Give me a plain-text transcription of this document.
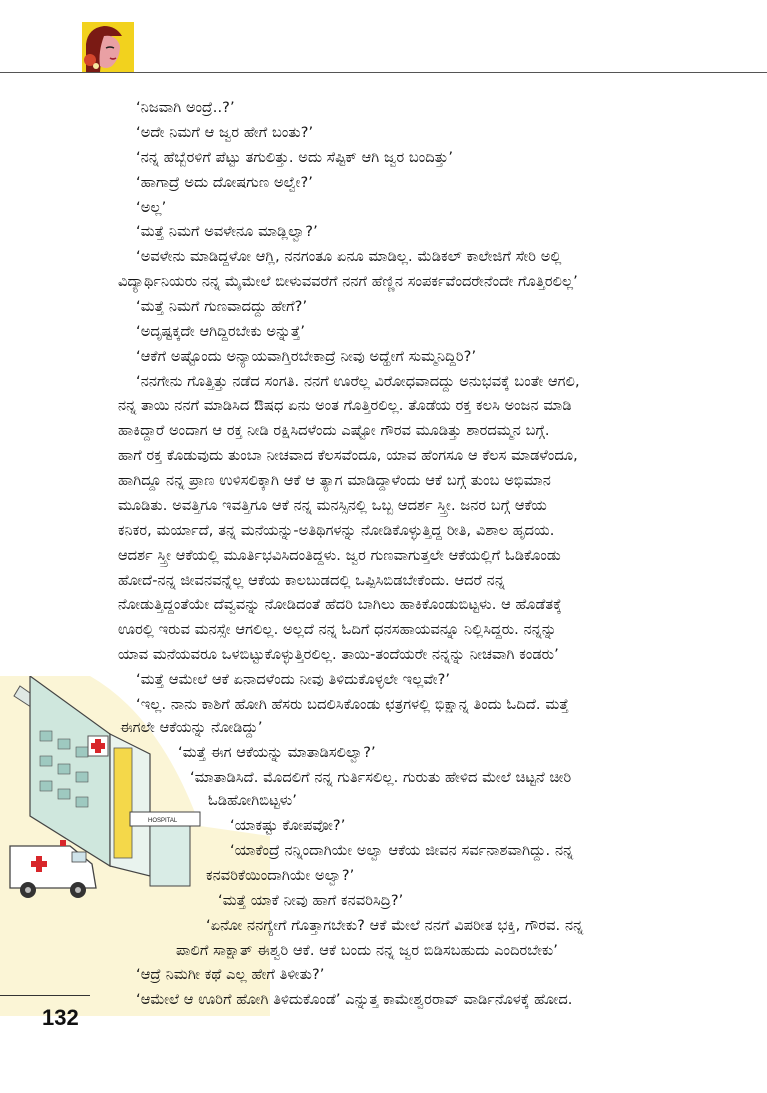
HOSPITAL
‘ನಿಜವಾಗಿ ಅಂದ್ರೆ..?’
‘ಅದೇ ನಿಮಗೆ ಆ ಜ್ವರ ಹೇಗೆ ಬಂತು?’
‘ನನ್ನ ಹೆಬ್ಬೆರಳಿಗೆ ಪೆಟ್ಟು ತಗುಲಿತ್ತು. ಅದು ಸೆಪ್ಟಿಕ್ ಆಗಿ ಜ್ವರ ಬಂದಿತ್ತು’
‘ಹಾಗಾದ್ರೆ ಅದು ದೋಷಗುಣ ಅಲ್ವೇ?’
‘ಅಲ್ಲ’
‘ಮತ್ತೆ ನಿಮಗೆ ಅವಳೇನೂ ಮಾಡ್ಲಿಲ್ವಾ?’
‘ಅವಳೇನು ಮಾಡಿದ್ದಳೋ ಆಗ್ಲಿ, ನನಗಂತೂ ಏನೂ ಮಾಡಿಲ್ಲ. ಮೆಡಿಕಲ್ ಕಾಲೇಜಿಗೆ ಸೇರಿ ಅಲ್ಲಿ
ವಿದ್ಯಾರ್ಥಿನಿಯರು ನನ್ನ ಮೈಮೇಲೆ ಬೀಳುವವರೆಗೆ ನನಗೆ ಹೆಣ್ಣಿನ ಸಂಪರ್ಕವೆಂದರೇನೆಂದೇ ಗೊತ್ತಿರಲಿಲ್ಲ’
‘ಮತ್ತೆ ನಿಮಗೆ ಗುಣವಾದದ್ದು ಹೇಗೆ?’
‘ಅದೃಷ್ಟಕ್ಕದೇ ಆಗಿದ್ದಿರಬೇಕು ಅನ್ನುತ್ತೆ’
‘ಆಕೆಗೆ ಅಷ್ಟೊಂದು ಅನ್ಯಾಯವಾಗ್ತಿರಬೇಕಾದ್ರೆ ನೀವು ಅದ್ಹೇಗೆ ಸುಮ್ಮನಿದ್ದಿರಿ?’
‘ನನಗೇನು ಗೊತ್ತಿತ್ತು ನಡೆದ ಸಂಗತಿ. ನನಗೆ ಊರೆಲ್ಲ ವಿರೋಧವಾದದ್ದು ಅನುಭವಕ್ಕೆ ಬಂತೇ ಆಗಲಿ,
ನನ್ನ ತಾಯಿ ನನಗೆ ಮಾಡಿಸಿದ ಔಷಧ ಏನು ಅಂತ ಗೊತ್ತಿರಲಿಲ್ಲ. ತೊಡೆಯ ರಕ್ತ ಕಲಸಿ ಅಂಜನ ಮಾಡಿ
ಹಾಕಿದ್ದಾರೆ ಅಂದಾಗ ಆ ರಕ್ತ ನೀಡಿ ರಕ್ಷಿಸಿದಳೆಂದು ಎಷ್ಟೋ ಗೌರವ ಮೂಡಿತ್ತು ಶಾರದಮ್ಮನ ಬಗ್ಗೆ.
ಹಾಗೆ ರಕ್ತ ಕೊಡುವುದು ತುಂಬಾ ನೀಚವಾದ ಕೆಲಸವೆಂದೂ, ಯಾವ ಹೆಂಗಸೂ ಆ ಕೆಲಸ ಮಾಡಳೆಂದೂ,
ಹಾಗಿದ್ದೂ ನನ್ನ ಪ್ರಾಣ ಉಳಿಸಲಿಕ್ಕಾಗಿ ಆಕೆ ಆ ತ್ಯಾಗ ಮಾಡಿದ್ದಾಳೆಂದು ಆಕೆ ಬಗ್ಗೆ ತುಂಬ ಅಭಿಮಾನ
ಮೂಡಿತು. ಅವತ್ತಿಗೂ ಇವತ್ತಿಗೂ ಆಕೆ ನನ್ನ ಮನಸ್ಸಿನಲ್ಲಿ ಒಬ್ಬ ಆದರ್ಶ ಸ್ತ್ರೀ. ಜನರ ಬಗ್ಗೆ ಆಕೆಯ
ಕನಿಕರ, ಮರ್ಯಾದೆ, ತನ್ನ ಮನೆಯನ್ನು-ಅತಿಥಿಗಳನ್ನು ನೋಡಿಕೊಳ್ಳುತ್ತಿದ್ದ ರೀತಿ, ವಿಶಾಲ ಹೃದಯ.
ಆದರ್ಶ ಸ್ತ್ರೀ ಆಕೆಯಲ್ಲಿ ಮೂರ್ತಿಭವಿಸಿದಂತಿದ್ದಳು. ಜ್ವರ ಗುಣವಾಗುತ್ತಲೇ ಆಕೆಯಲ್ಲಿಗೆ ಓಡಿಕೊಂಡು
ಹೋದೆ-ನನ್ನ ಜೀವನವನ್ನೆಲ್ಲ ಆಕೆಯ ಕಾಲಬುಡದಲ್ಲಿ ಒಪ್ಪಿಸಿಬಿಡಬೇಕೆಂದು. ಆದರೆ ನನ್ನ
ನೋಡುತ್ತಿದ್ದಂತೆಯೇ ದೆವ್ವವನ್ನು ನೋಡಿದಂತೆ ಹೆದರಿ ಬಾಗಿಲು ಹಾಕಿಕೊಂಡುಬಿಟ್ಟಳು. ಆ ಹೊಡೆತಕ್ಕೆ
ಊರಲ್ಲಿ ಇರುವ ಮನಸ್ಸೇ ಆಗಲಿಲ್ಲ. ಅಲ್ಲದೆ ನನ್ನ ಓದಿಗೆ ಧನಸಹಾಯವನ್ನೂ ನಿಲ್ಲಿಸಿದ್ದರು. ನನ್ನನ್ನು
ಯಾವ ಮನೆಯವರೂ ಒಳಬಿಟ್ಟುಕೊಳ್ಳುತ್ತಿರಲಿಲ್ಲ. ತಾಯಿ-ತಂದೆಯರೇ ನನ್ನನ್ನು ನೀಚವಾಗಿ ಕಂಡರು’
‘ಮತ್ತೆ ಆಮೇಲೆ ಆಕೆ ಏನಾದಳೆಂದು ನೀವು ತಿಳಿದುಕೊಳ್ಳಲೇ ಇಲ್ಲವೇ?’
‘ಇಲ್ಲ. ನಾನು ಕಾಶಿಗೆ ಹೋಗಿ ಹೆಸರು ಬದಲಿಸಿಕೊಂಡು ಛತ್ರಗಳಲ್ಲಿ ಭಿಕ್ಷಾನ್ನ ತಿಂದು ಓದಿದೆ. ಮತ್ತೆ
ಈಗಲೇ ಆಕೆಯನ್ನು ನೋಡಿದ್ದು’
‘ಮತ್ತೆ ಈಗ ಆಕೆಯನ್ನು ಮಾತಾಡಿಸಲಿಲ್ವಾ?’
‘ಮಾತಾಡಿಸಿದೆ. ಮೊದಲಿಗೆ ನನ್ನ ಗುರ್ತಿಸಲಿಲ್ಲ. ಗುರುತು ಹೇಳಿದ ಮೇಲೆ ಚಿಟ್ಟನೆ ಚೀರಿ
ಓಡಿಹೋಗಿಬಿಟ್ಟಳು’
‘ಯಾಕಷ್ಟು ಕೋಪವೋ?’
‘ಯಾಕೆಂದ್ರೆ ನನ್ನಿಂದಾಗಿಯೇ ಅಲ್ವಾ ಆಕೆಯ ಜೀವನ ಸರ್ವನಾಶವಾಗಿದ್ದು. ನನ್ನ
ಕನವರಿಕೆಯಿಂದಾಗಿಯೇ ಅಲ್ವಾ?’
‘ಮತ್ತೆ ಯಾಕೆ ನೀವು ಹಾಗೆ ಕನವರಿಸಿದ್ರಿ?’
‘ಏನೋ ನನಗ್ಯೇಗೆ ಗೊತ್ತಾಗಬೇಕು? ಆಕೆ ಮೇಲೆ ನನಗೆ ವಿಪರೀತ ಭಕ್ತಿ, ಗೌರವ. ನನ್ನ
ಪಾಲಿಗೆ ಸಾಕ್ಷಾತ್ ಈಶ್ವರಿ ಆಕೆ. ಆಕೆ ಬಂದು ನನ್ನ ಜ್ವರ ಬಿಡಿಸಬಹುದು ಎಂದಿರಬೇಕು’
‘ಆದ್ರೆ ನಿಮಗೀ ಕಥೆ ಎಲ್ಲ ಹೇಗೆ ತಿಳೀತು?’
‘ಆಮೇಲೆ ಆ ಊರಿಗೆ ಹೋಗಿ ತಿಳಿದುಕೊಂಡೆ’ ಎನ್ನುತ್ತ ಕಾಮೇಶ್ವರರಾವ್ ವಾರ್ಡಿನೊಳಕ್ಕೆ ಹೋದ.
132
